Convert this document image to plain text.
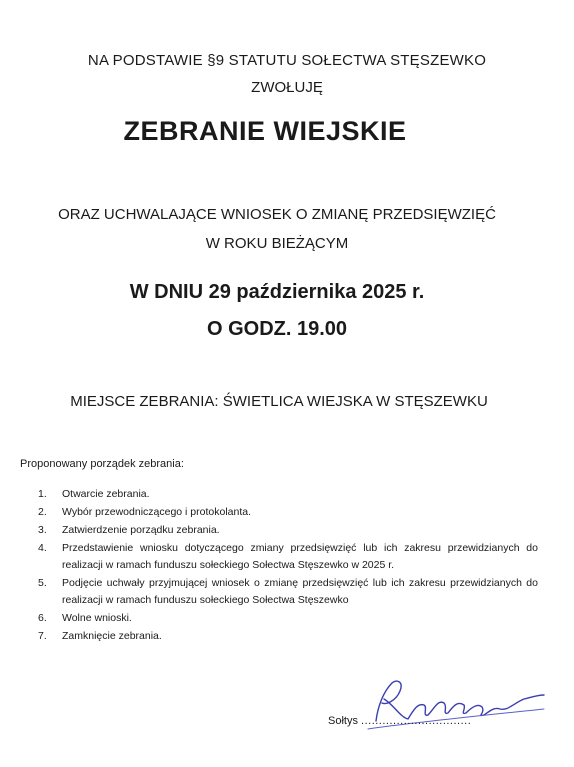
NA PODSTAWIE §9 STATUTU SOŁECTWA STĘSZEWKO
ZWOŁUJĘ
ZEBRANIE WIEJSKIE
ORAZ UCHWALAJĄCE WNIOSEK O ZMIANĘ PRZEDSIĘWZIĘĆ
W ROKU BIEŻĄCYM
W DNIU 29 października 2025 r.
O GODZ. 19.00
MIEJSCE ZEBRANIA: ŚWIETLICA WIEJSKA W STĘSZEWKU
Proponowany porządek zebrania:
1.	Otwarcie zebrania.
2.	Wybór przewodniczącego i protokolanta.
3.	Zatwierdzenie porządku zebrania.
4.	Przedstawienie wniosku dotyczącego zmiany przedsięwzięć lub ich zakresu przewidzianych do realizacji w ramach funduszu sołeckiego Sołectwa Stęszewko w 2025 r.
5.	Podjęcie uchwały przyjmującej wniosek o zmianę przedsięwzięć lub ich zakresu przewidzianych do realizacji w ramach funduszu sołeckiego Sołectwa Stęszewko
6.	Wolne wnioski.
7.	Zamknięcie zebrania.
Sołtys ...............................
